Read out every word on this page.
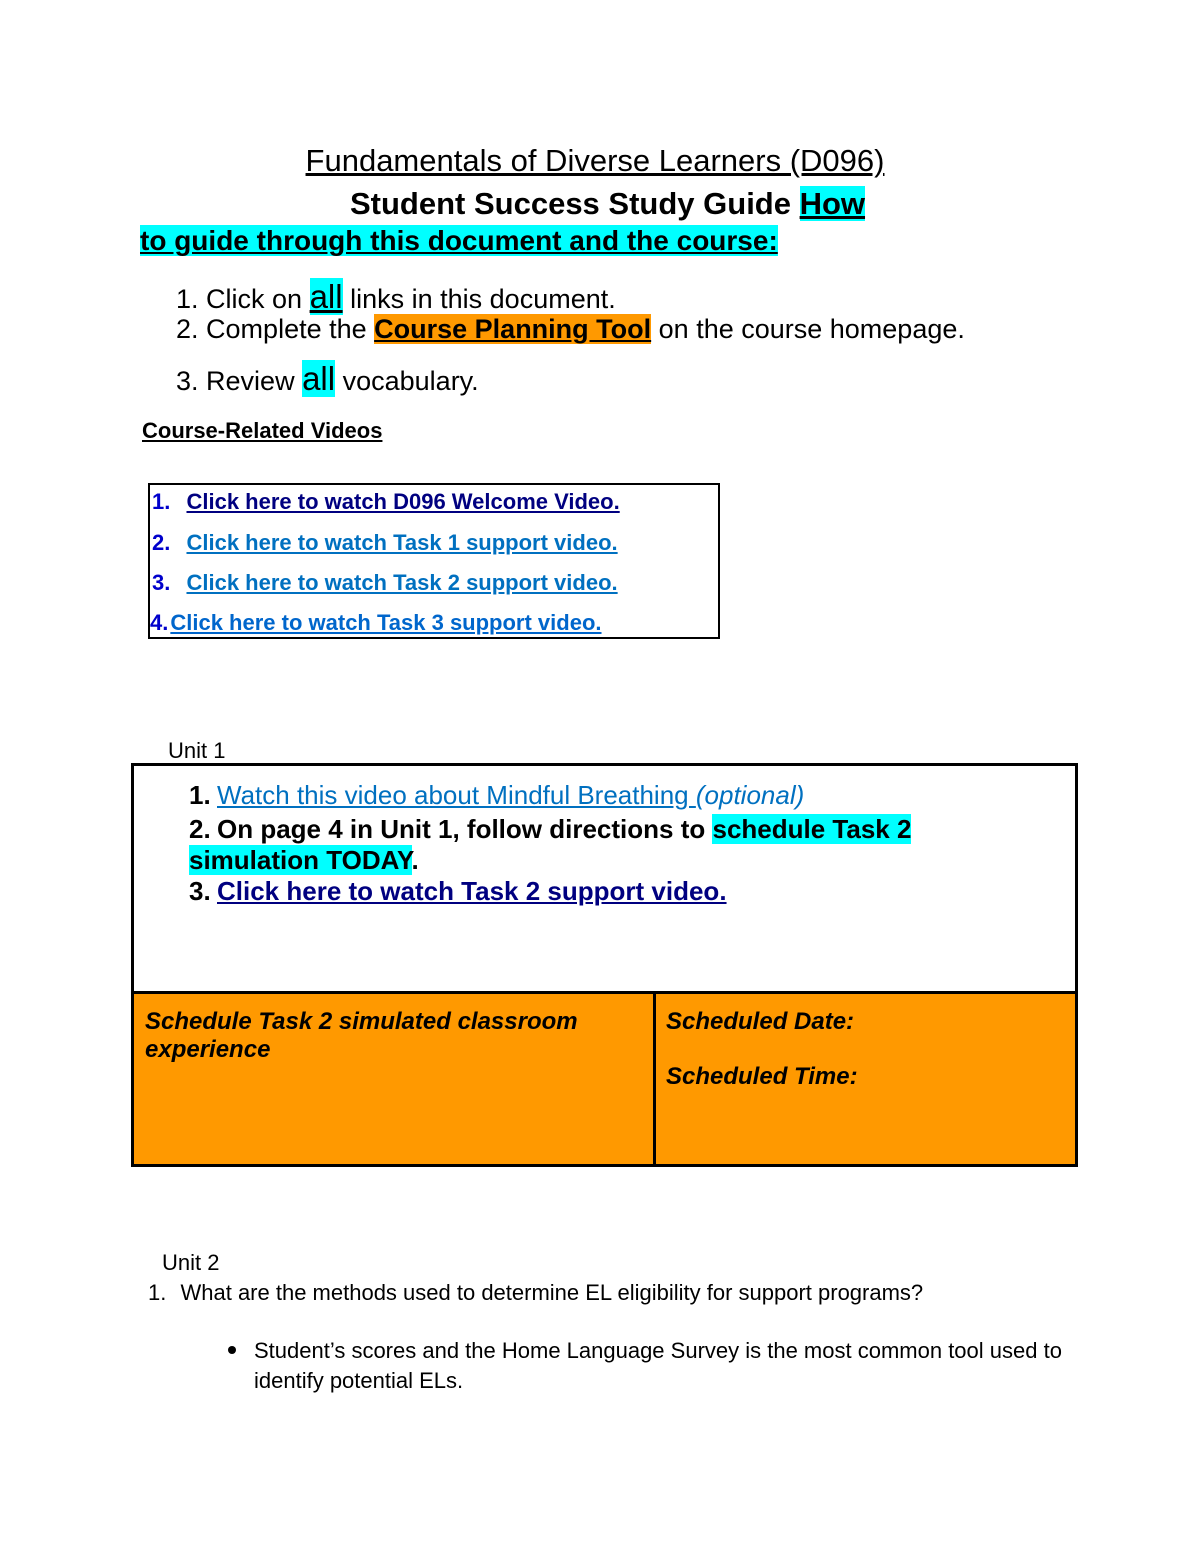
Fundamentals of Diverse Learners (D096)
Student Success Study Guide How
to guide through this document and the course:
1. Click on all links in this document.
2. Complete the Course Planning Tool on the course homepage.
3. Review all vocabulary.
Course-Related Videos
1. Click here to watch D096 Welcome Video.
2. Click here to watch Task 1 support video.
3. Click here to watch Task 2 support video.
4.Click here to watch Task 3 support video.
Unit 1
1. Watch this video about Mindful Breathing (optional)
2. On page 4 in Unit 1, follow directions to schedule Task 2
simulation TODAY.
3. Click here to watch Task 2 support video.
Schedule Task 2 simulated classroom experience
Scheduled Date:
Scheduled Time:
Unit 2
1. What are the methods used to determine EL eligibility for support programs?
Student’s scores and the Home Language Survey is the most common tool used to identify potential ELs.
